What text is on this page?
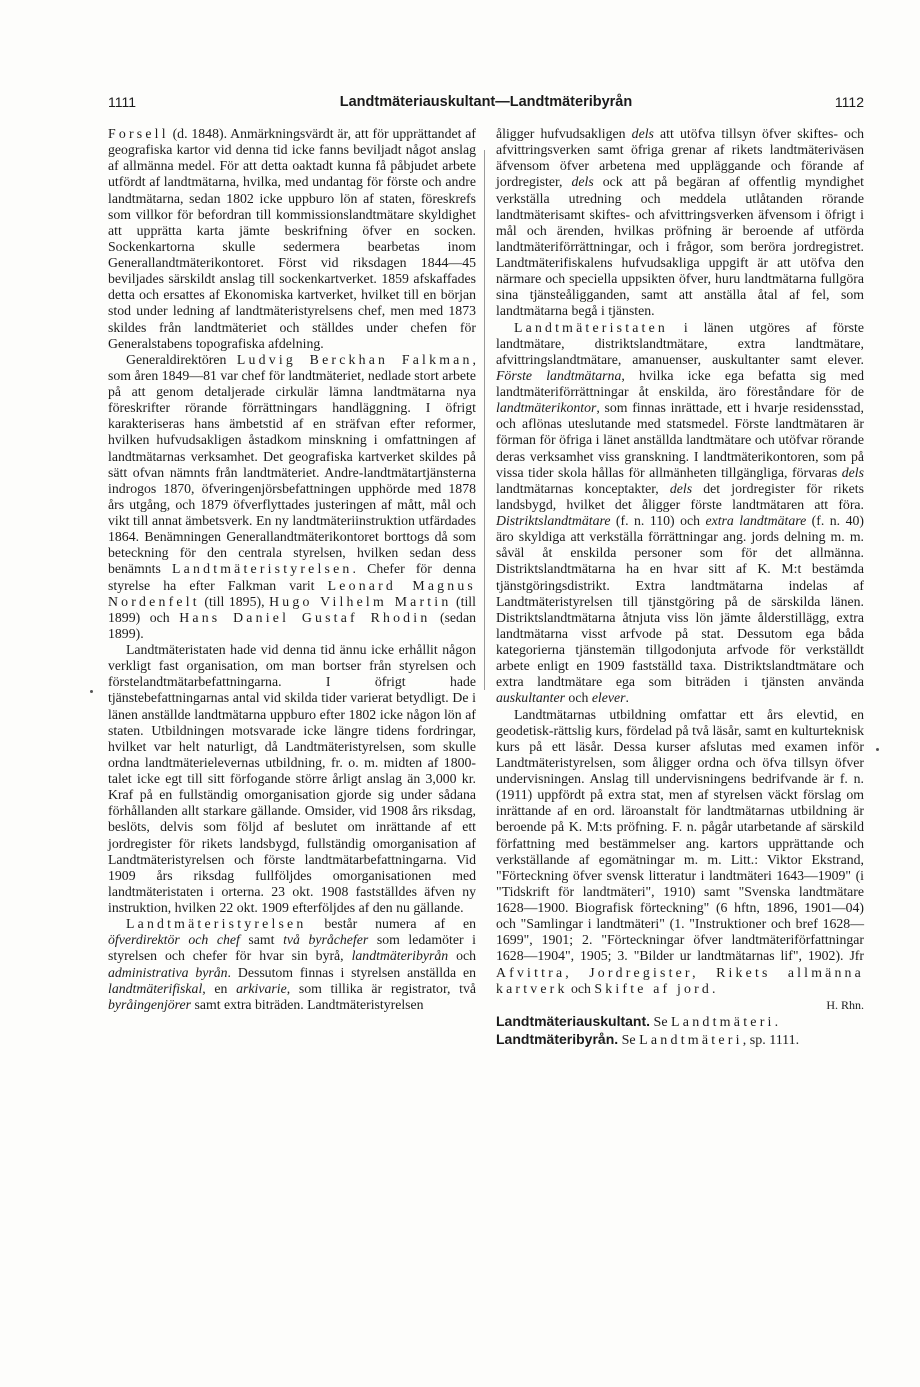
1111	Landtmäteriauskultant—Landtmäteribyrån	1112

Forsell (d. 1848). Anmärkningsvärdt är, att för upprättandet af geografiska kartor vid denna tid icke fanns beviljadt något anslag af allmänna medel. För att detta oaktadt kunna få påbjudet arbete utfördt af landtmätarna, hvilka, med undantag för förste och andre landtmätarna, sedan 1802 icke uppburo lön af staten, föreskrefs som villkor för befordran till kommissionslandtmätare skyldighet att upprätta karta jämte beskrifning öfver en socken. Sockenkartorna skulle sedermera bearbetas inom Generallandtmäterikontoret. Först vid riksdagen 1844—45 beviljades särskildt anslag till sockenkartverket. 1859 afskaffades detta och ersattes af Ekonomiska kartverket, hvilket till en början stod under ledning af landtmäteristyrelsens chef, men med 1873 skildes från landtmäteriet och ställdes under chefen för Generalstabens topografiska afdelning.

Generaldirektören Ludvig Berckhan Falkman, som åren 1849—81 var chef för landtmäteriet, nedlade stort arbete på att genom detaljerade cirkulär lämna landtmätarna nya föreskrifter rörande förrättningars handläggning. I öfrigt karakteriseras hans ämbetstid af en sträfvan efter reformer, hvilken hufvudsakligen åstadkom minskning i omfattningen af landtmätarnas verksamhet. Det geografiska kartverket skildes på sätt ofvan nämnts från landtmäteriet. Andre-landtmätartjänsterna indrogos 1870, öfveringenjörsbefattningen upphörde med 1878 års utgång, och 1879 öfverflyttades justeringen af mått, mål och vikt till annat ämbetsverk. En ny landtmäteriinstruktion utfärdades 1864. Benämningen Generallandtmäterikontoret borttogs då som beteckning för den centrala styrelsen, hvilken sedan dess benämnts Landtmäteristyrelsen. Chefer för denna styrelse ha efter Falkman varit Leonard Magnus Nordenfelt (till 1895), Hugo Vilhelm Martin (till 1899) och Hans Daniel Gustaf Rhodin (sedan 1899).

Landtmäteristaten hade vid denna tid ännu icke erhållit någon verkligt fast organisation, om man bortser från styrelsen och förstelandtmätarbefattningarna. I öfrigt hade tjänstebefattningarnas antal vid skilda tider varierat betydligt. De i länen anställde landtmätarna uppburo efter 1802 icke någon lön af staten. Utbildningen motsvarade icke längre tidens fordringar, hvilket var helt naturligt, då Landtmäteristyrelsen, som skulle ordna landtmäterielevernas utbildning, fr. o. m. midten af 1800-talet icke egt till sitt förfogande större årligt anslag än 3,000 kr. Kraf på en fullständig omorganisation gjorde sig under sådana förhållanden allt starkare gällande. Omsider, vid 1908 års riksdag, beslöts, delvis som följd af beslutet om inrättande af ett jordregister för rikets landsbygd, fullständig omorganisation af Landtmäteristyrelsen och förste landtmätarbefattningarna. Vid 1909 års riksdag fullföljdes omorganisationen med landtmäteristaten i orterna. 23 okt. 1908 fastställdes äfven ny instruktion, hvilken 22 okt. 1909 efterföljdes af den nu gällande.

Landtmäteristyrelsen består numera af en öfverdirektör och chef samt två byråchefer som ledamöter i styrelsen och chefer för hvar sin byrå, landtmäteribyrån och administrativa byrån. Dessutom finnas i styrelsen anställda en landtmäterifiskal, en arkivarie, som tillika är registrator, två byråingenjörer samt extra biträden. Landtmäteristyrelsen

åligger hufvudsakligen dels att utöfva tillsyn öfver skiftes- och afvittringsverken samt öfriga grenar af rikets landtmäteriväsen äfvensom öfver arbetena med uppläggande och förande af jordregister, dels ock att på begäran af offentlig myndighet verkställa utredning och meddela utlåtanden rörande landtmäterisamt skiftes- och afvittringsverken äfvensom i öfrigt i mål och ärenden, hvilkas pröfning är beroende af utförda landtmäteriförrättningar, och i frågor, som beröra jordregistret. Landtmäterifiskalens hufvudsakliga uppgift är att utöfva den närmare och speciella uppsikten öfver, huru landtmätarna fullgöra sina tjänsteåligganden, samt att anställa åtal af fel, som landtmätarna begå i tjänsten.

Landtmäteristaten i länen utgöres af förste landtmätare, distriktslandtmätare, extra landtmätare, afvittringslandtmätare, amanuenser, auskultanter samt elever. Förste landtmätarna, hvilka icke ega befatta sig med landtmäteriförrättningar åt enskilda, äro föreståndare för de landtmäterikontor, som finnas inrättade, ett i hvarje residensstad, och aflönas uteslutande med statsmedel. Förste landtmätaren är förman för öfriga i länet anställda landtmätare och utöfvar rörande deras verksamhet viss granskning. I landtmäterikontoren, som på vissa tider skola hållas för allmänheten tillgängliga, förvaras dels landtmätarnas konceptakter, dels det jordregister för rikets landsbygd, hvilket det åligger förste landtmätaren att föra. Distriktslandtmätare (f. n. 110) och extra landtmätare (f. n. 40) äro skyldiga att verkställa förrättningar ang. jords delning m. m. såväl åt enskilda personer som för det allmänna. Distriktslandtmätarna ha en hvar sitt af K. M:t bestämda tjänstgöringsdistrikt. Extra landtmätarna indelas af Landtmäteristyrelsen till tjänstgöring på de särskilda länen. Distriktslandtmätarna åtnjuta viss lön jämte ålderstillägg, extra landtmätarna visst arfvode på stat. Dessutom ega båda kategorierna tjänstemän tillgodonjuta arfvode för verkställdt arbete enligt en 1909 fastställd taxa. Distriktslandtmätare och extra landtmätare ega som biträden i tjänsten använda auskultanter och elever.

Landtmätarnas utbildning omfattar ett års elevtid, en geodetisk-rättslig kurs, fördelad på två läsår, samt en kulturteknisk kurs på ett läsår. Dessa kurser afslutas med examen inför Landtmäteristyrelsen, som åligger ordna och öfva tillsyn öfver undervisningen. Anslag till undervisningens bedrifvande är f. n. (1911) uppfördt på extra stat, men af styrelsen väckt förslag om inrättande af en ord. läroanstalt för landtmätarnas utbildning är beroende på K. M:ts pröfning. F. n. pågår utarbetande af särskild författning med bestämmelser ang. kartors upprättande och verkställande af egomätningar m. m. Litt.: Viktor Ekstrand, "Förteckning öfver svensk litteratur i landtmäteri 1643—1909" (i "Tidskrift för landtmäteri", 1910) samt "Svenska landtmätare 1628—1900. Biografisk förteckning" (6 hftn, 1896, 1901—04) och "Samlingar i landtmäteri" (1. "Instruktioner och bref 1628—1699", 1901; 2. "Förteckningar öfver landtmäteriförfattningar 1628—1904", 1905; 3. "Bilder ur landtmätarnas lif", 1902). Jfr Afvittra, Jordregister, Rikets allmänna kartverk och Skifte af jord.

H. Rhn.

Landtmäteriauskultant. Se Landtmäteri.

Landtmäteribyrån. Se Landtmäteri, sp. 1111.
